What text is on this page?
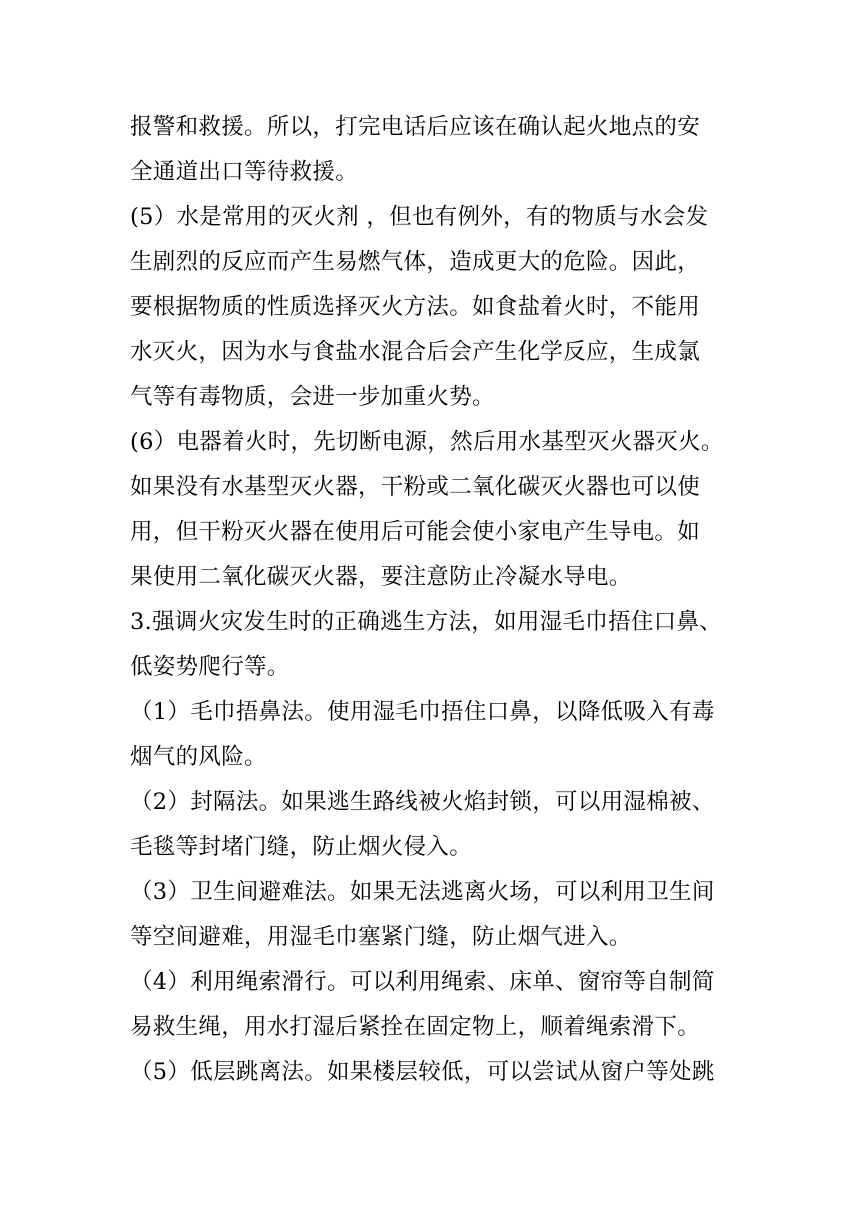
报警和救援。所以，打完电话后应该在确认起火地点的安
全通道出口等待救援。
(5）水是常用的灭火剂 ，但也有例外，有的物质与水会发
生剧烈的反应而产生易燃气体，造成更大的危险。因此，
要根据物质的性质选择灭火方法。如食盐着火时，不能用
水灭火，因为水与食盐水混合后会产生化学反应，生成氯
气等有毒物质，会进一步加重火势。
(6）电器着火时，先切断电源，然后用水基型灭火器灭火。
如果没有水基型灭火器，干粉或二氧化碳灭火器也可以使
用，但干粉灭火器在使用后可能会使小家电产生导电。如
果使用二氧化碳灭火器，要注意防止冷凝水导电。
3.强调火灾发生时的正确逃生方法，如用湿毛巾捂住口鼻、
低姿势爬行等。
（1）毛巾捂鼻法。使用湿毛巾捂住口鼻，以降低吸入有毒
烟气的风险。
（2）封隔法。如果逃生路线被火焰封锁，可以用湿棉被、
毛毯等封堵门缝，防止烟火侵入。
（3）卫生间避难法。如果无法逃离火场，可以利用卫生间
等空间避难，用湿毛巾塞紧门缝，防止烟气进入。
（4）利用绳索滑行。可以利用绳索、床单、窗帘等自制简
易救生绳，用水打湿后紧拴在固定物上，顺着绳索滑下。
（5）低层跳离法。如果楼层较低，可以尝试从窗户等处跳
